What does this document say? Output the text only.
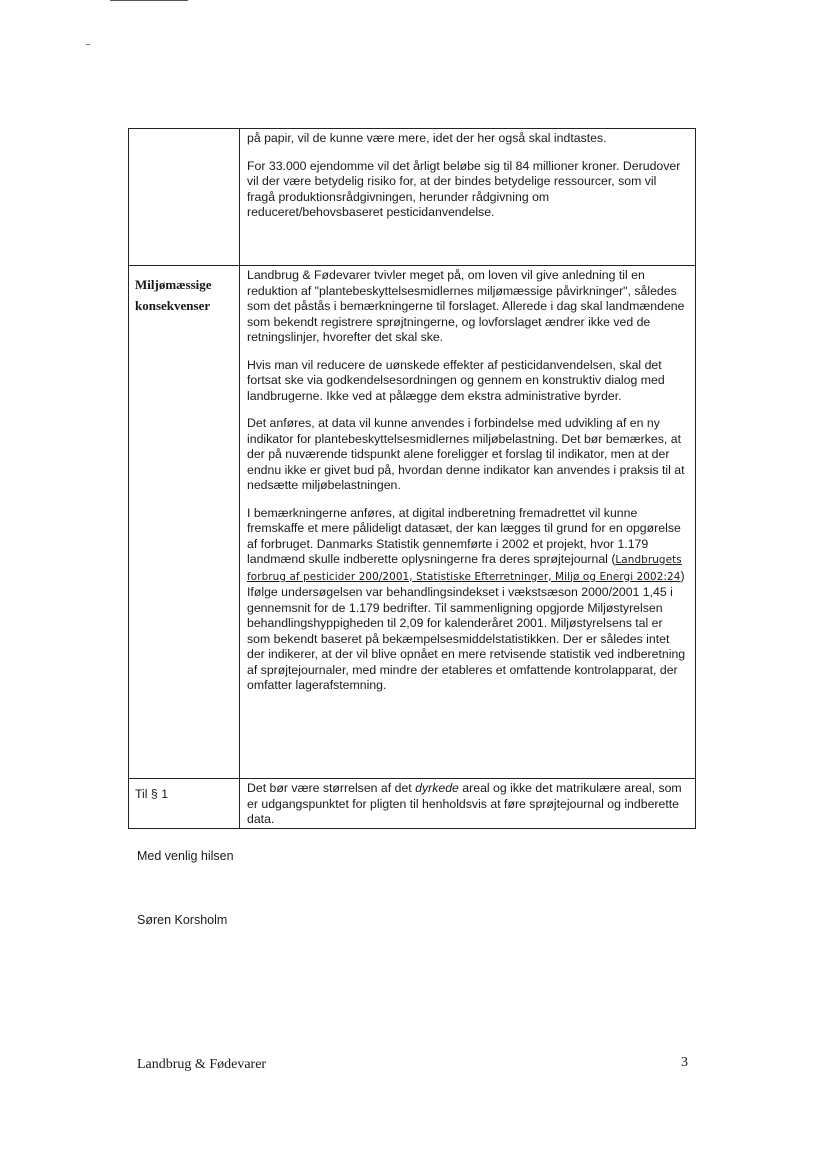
	på papir, vil de kunne være mere, idet der her også skal indtastes.

For 33.000 ejendomme vil det årligt beløbe sig til 84 millioner kroner. Derudover vil der være betydelig risiko for, at der bindes betydelige ressourcer, som vil fragå produktionsrådgivningen, herunder rådgivning om reduceret/behovsbaseret pesticidanvendelse.

Miljømæssige konsekvenser	Landbrug & Fødevarer tvivler meget på, om loven vil give anledning til en reduktion af "plantebeskyttelsesmidlernes miljømæssige påvirkninger", således som det påstås i bemærkningerne til forslaget. Allerede i dag skal landmændene som bekendt registrere sprøjtningerne, og lovforslaget ændrer ikke ved de retningslinjer, hvorefter det skal ske.

Hvis man vil reducere de uønskede effekter af pesticidanvendelsen, skal det fortsat ske via godkendelsesordningen og gennem en konstruktiv dialog med landbrugerne. Ikke ved at pålægge dem ekstra administrative byrder.

Det anføres, at data vil kunne anvendes i forbindelse med udvikling af en ny indikator for plantebeskyttelsesmidlernes miljøbelastning. Det bør bemærkes, at der på nuværende tidspunkt alene foreligger et forslag til indikator, men at der endnu ikke er givet bud på, hvordan denne indikator kan anvendes i praksis til at nedsætte miljøbelastningen.

I bemærkningerne anføres, at digital indberetning fremadrettet vil kunne fremskaffe et mere pålideligt datasæt, der kan lægges til grund for en opgørelse af forbruget. Danmarks Statistik gennemførte i 2002 et projekt, hvor 1.179 landmænd skulle indberette oplysningerne fra deres sprøjtejournal (Landbrugets forbrug af pesticider 200/2001, Statistiske Efterretninger, Miljø og Energi 2002:24) Ifølge undersøgelsen var behandlingsindekset i vækstsæson 2000/2001 1,45 i gennemsnit for de 1.179 bedrifter. Til sammenligning opgjorde Miljøstyrelsen behandlingshyppigheden til 2,09 for kalenderåret 2001. Miljøstyrelsens tal er som bekendt baseret på bekæmpelsesmiddelstatistikken. Der er således intet der indikerer, at der vil blive opnået en mere retvisende statistik ved indberetning af sprøjtejournaler, med mindre der etableres et omfattende kontrolapparat, der omfatter lagerafstemning.

Til § 1	Det bør være størrelsen af det dyrkede areal og ikke det matrikulære areal, som er udgangspunktet for pligten til henholdsvis at føre sprøjtejournal og indberette data.
Med venlig hilsen
Søren Korsholm
Landbrug & Fødevarer	3
